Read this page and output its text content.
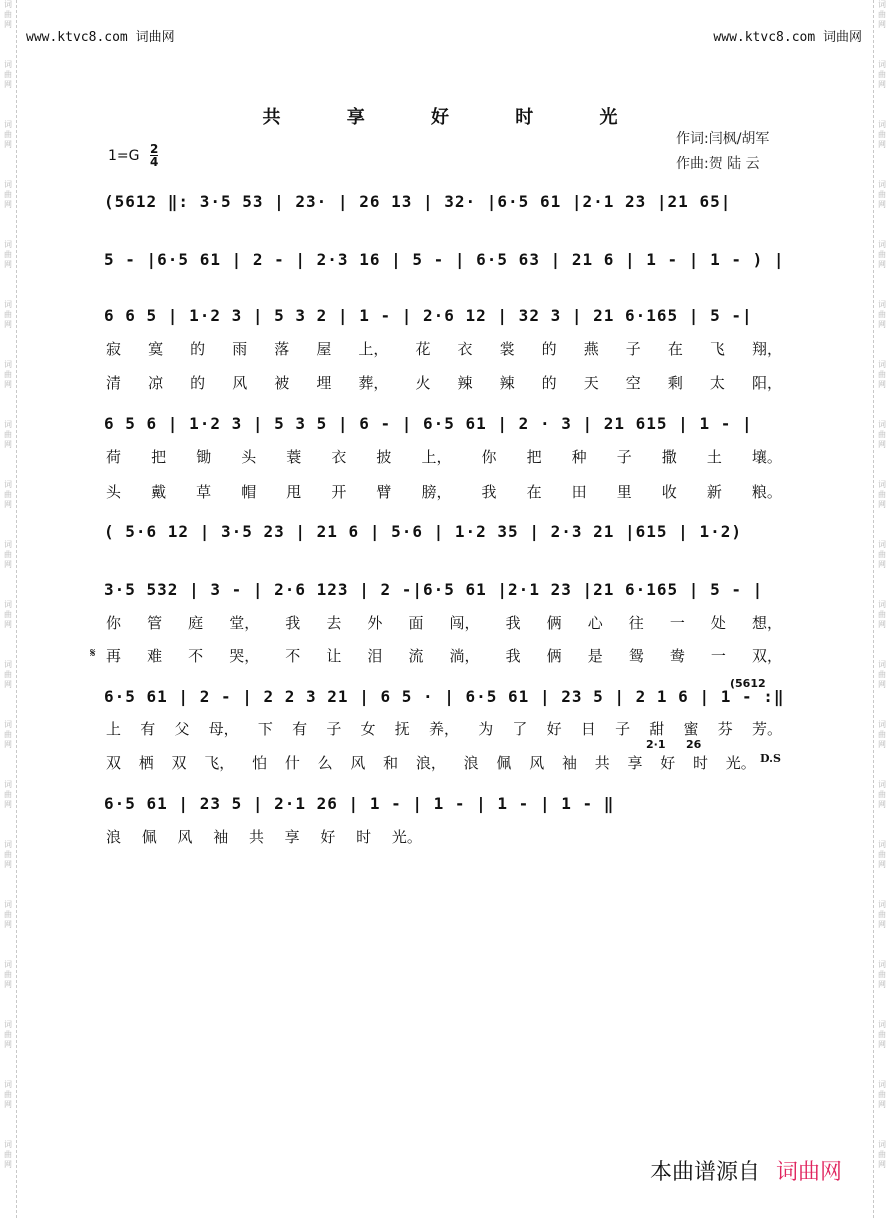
词
曲
网
词
曲
网
词
曲
网
词
曲
网
词
曲
网
词
曲
网
词
曲
网
词
曲
网
词
曲
网
词
曲
网
词
曲
网
词
曲
网
词
曲
网
词
曲
网
词
曲
网
词
曲
网
词
曲
网
词
曲
网
词
曲
网
词
曲
网
词
曲
网
词
曲
网
词
曲
网
词
曲
网
词
曲
网
词
曲
网
词
曲
网
词
曲
网
词
曲
网
词
曲
网
词
曲
网
词
曲
网
词
曲
网
词
曲
网
词
曲
网
词
曲
网
词
曲
网
词
曲
网
词
曲
网
词
曲
网
www.ktvc8.com 词曲网	www.ktvc8.com 词曲网
共 享 好 时 光
作词:闫枫/胡军
作曲:贺 陆 云
1=G 2
4
(5612 ‖: 3·5 53 | 23· | 26 13 | 32· |6·5 61 |2·1 23 |21 65|
5 - |6·5 61 | 2 - | 2·3 16 | 5 - | 6·5 63 | 21 6 | 1 - | 1 - ) |
6 6 5 | 1·2 3 | 5 3 2 | 1 - | 2·6 12 | 32 3 | 21 6·165 | 5 -|
寂 寞 的 雨 落 屋 上， 花 衣 裳 的 燕 子 在 飞 翔，
清 凉 的 风 被 埋 葬， 火 辣 辣 的 天 空 剩 太 阳，
6 5 6 | 1·2 3 | 5 3 5 | 6 - | 6·5 61 | 2 · 3 | 21 615 | 1 - |
荷 把 锄 头 蓑 衣 披 上， 你 把 种 子 撒 土 壤。
头 戴 草 帽 甩 开 臂 膀， 我 在 田 里 收 新 粮。
( 5·6 12 | 3·5 23 | 21 6 | 5·6 | 1·2 35 | 2·3 21 |615 | 1·2)
3·5 532 | 3 - | 2·6 123 | 2 -|6·5 61 |2·1 23 |21 6·165 | 5 - |
你 管 庭 堂， 我 去 外 面 闯， 我 俩 心 往 一 处 想，
𝄋 再 难 不 哭， 不 让 泪 流 淌， 我 俩 是 鸳 鸯 一 双，
6·5 61 | 2 - | 2 2 3 21 | 6 5 · | 6·5 61 | 23 5 | 2 1 6 | 1 - :‖
(5612
上 有 父 母， 下 有 子 女 抚 养， 为 了 好 日 子 甜 蜜 芬 芳。
2·1 26
双 栖 双 飞， 怕 什 么 风 和 浪， 浪 佩 风 袖 共 享 好 时 光。 D.S
6·5 61 | 23 5 | 2·1 26 | 1 - | 1 - | 1 - | 1 - ‖
浪 佩 风 袖 共 享 好 时 光。
本曲谱源自 词曲网
